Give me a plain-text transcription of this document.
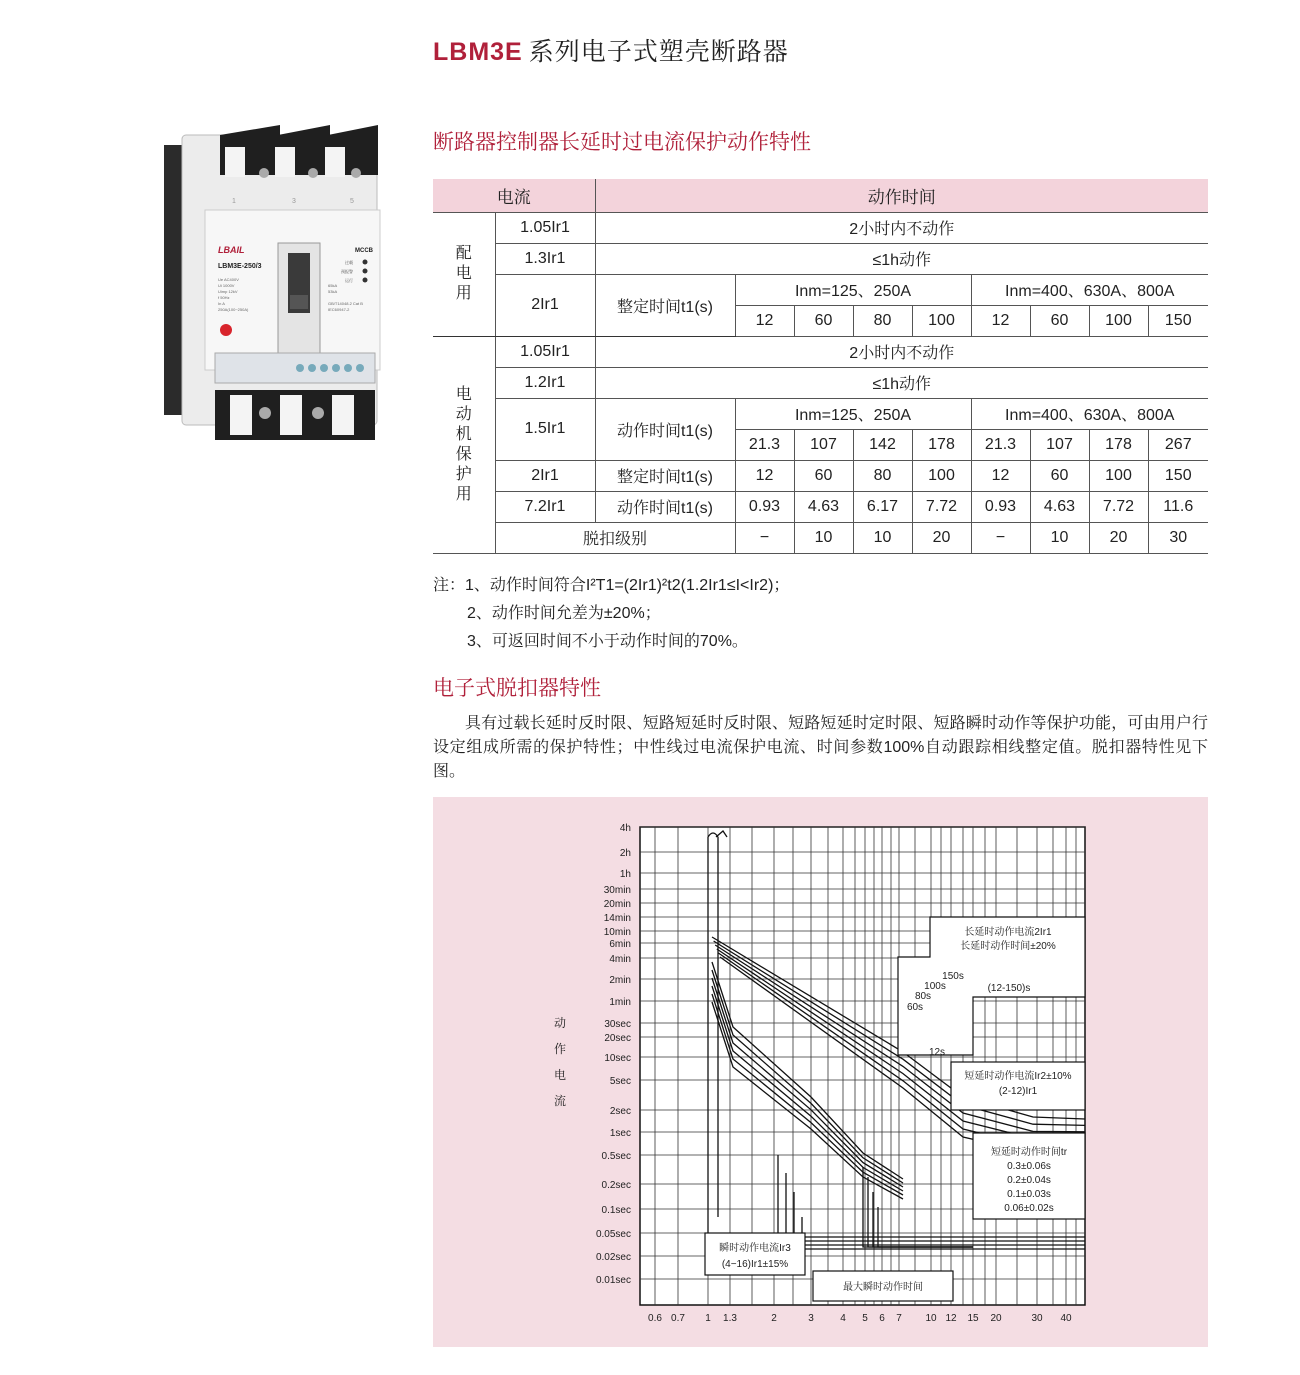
LBM3E 系列电子式塑壳断路器
1	3	5
LBAIL
LBM3E-250/3
Ue AC400V
Ui 1000V
Uimp 12kV
f 50Hz
In A
250A(100~250A)
65kA
53kA
GB/T14048.2 Cat B
IEC60947-2
MCCB
过载
预报警
运行
断路器控制器长延时过电流保护动作特性
电流		动作时间								

配电用	1.05Ir1	2小时内不动作								
	1.3Ir1	≤1h动作								
	2Ir1	整定时间t1(s)	Inm=125、250A				Inm=400、630A、800A			
			12	60	80	100	12	60	100	150

电动机保护用	1.05Ir1	2小时内不动作								
	1.2Ir1	≤1h动作								
	1.5Ir1	动作时间t1(s)	Inm=125、250A				Inm=400、630A、800A			
			21.3	107	142	178	21.3	107	178	267
	2Ir1	整定时间t1(s)	12	60	80	100	12	60	100	150
	7.2Ir1	动作时间t1(s)	0.93	4.63	6.17	7.72	0.93	4.63	7.72	11.6
	脱扣级别		−	10	10	20	−	10	20	30
注：1、动作时间符合I²T1=(2Ir1)²t2(1.2Ir1≤I<Ir2)；
2、动作时间允差为±20%；
3、可返回时间不小于动作时间的70%。
电子式脱扣器特性
具有过载长延时反时限、短路短延时反时限、短路短延时定时限、短路瞬时动作等保护功能，可由用户行设定组成所需的保护特性；中性线过电流保护电流、时间参数100%自动跟踪相线整定值。脱扣器特性见下图。
4h
2h
1h
30min
20min
14min
10min
6min
4min
2min
1min
30sec
20sec
10sec
5sec
2sec
1sec
0.5sec
0.2sec
0.1sec
0.05sec
0.02sec
0.01sec
0.6 0.7 1 1.3	2	3	4 5 6 7 10 12 15 20	30 40
动
作
电
流
长延时动作电流2Ir1
长延时动作时间±20%
150s
100s
80s
60s
(12-150)s
12s
短延时动作电流Ir2±10%
(2-12)Ir1
短延时动作时间tr
0.3±0.06s
0.2±0.04s
0.1±0.03s
0.06±0.02s
瞬时动作电流Ir3
(4−16)Ir1±15%
最大瞬时动作时间
